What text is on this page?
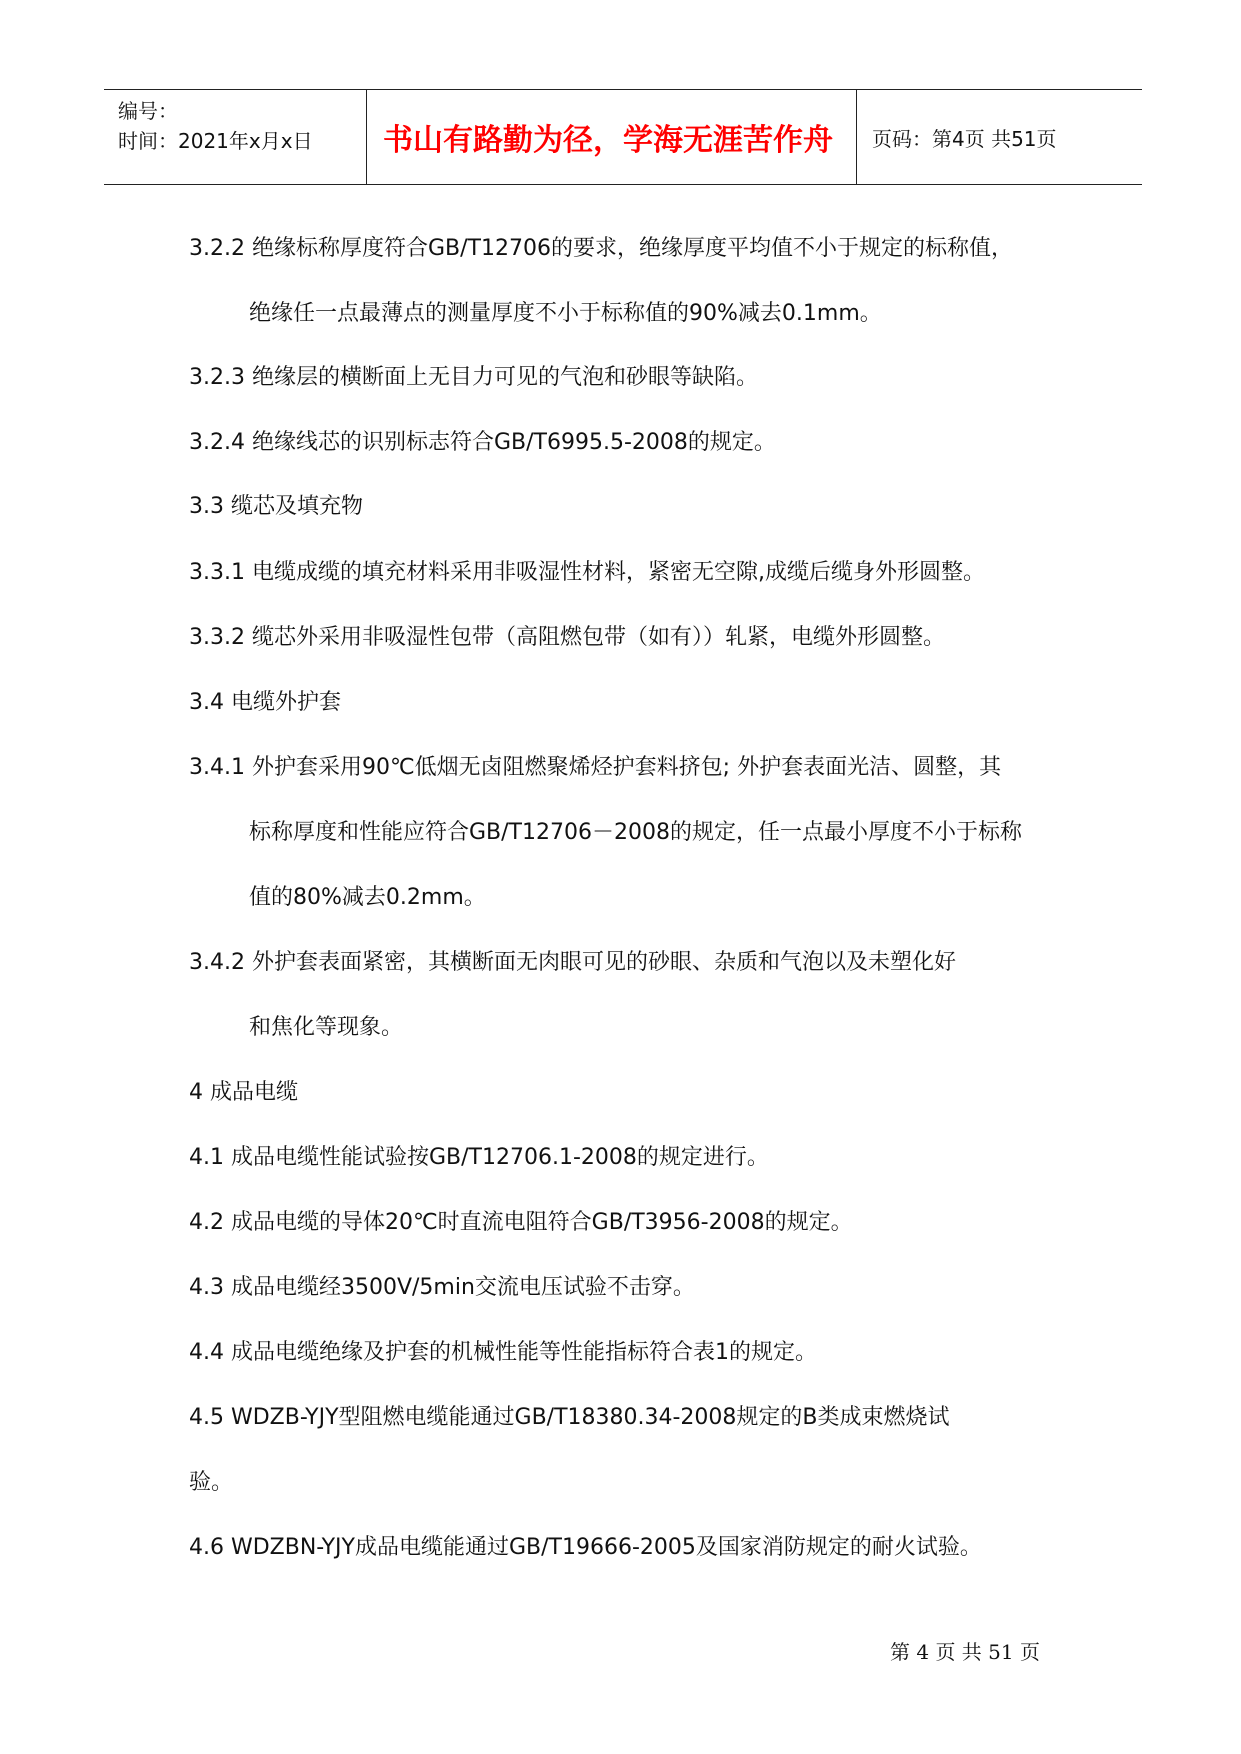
编号：
时间：2021年x月x日	书山有路勤为径，学海无涯苦作舟	页码：第4页 共51页
3.2.2 绝缘标称厚度符合GB/T12706的要求，绝缘厚度平均值不小于规定的标称值，
绝缘任一点最薄点的测量厚度不小于标称值的90%减去0.1mm。
3.2.3 绝缘层的横断面上无目力可见的气泡和砂眼等缺陷。
3.2.4 绝缘线芯的识别标志符合GB/T6995.5-2008的规定。
3.3 缆芯及填充物
3.3.1 电缆成缆的填充材料采用非吸湿性材料，紧密无空隙,成缆后缆身外形圆整。
3.3.2 缆芯外采用非吸湿性包带（高阻燃包带（如有））轧紧，电缆外形圆整。
3.4 电缆外护套
3.4.1 外护套采用90℃低烟无卤阻燃聚烯烃护套料挤包; 外护套表面光洁、圆整，其
标称厚度和性能应符合GB/T12706－2008的规定，任一点最小厚度不小于标称
值的80%减去0.2mm。
3.4.2 外护套表面紧密，其横断面无肉眼可见的砂眼、杂质和气泡以及未塑化好
和焦化等现象。
4 成品电缆
4.1 成品电缆性能试验按GB/T12706.1-2008的规定进行。
4.2 成品电缆的导体20℃时直流电阻符合GB/T3956-2008的规定。
4.3 成品电缆经3500V/5min交流电压试验不击穿。
4.4 成品电缆绝缘及护套的机械性能等性能指标符合表1的规定。
4.5 WDZB-YJY型阻燃电缆能通过GB/T18380.34-2008规定的B类成束燃烧试
验。
4.6 WDZBN-YJY成品电缆能通过GB/T19666-2005及国家消防规定的耐火试验。
第 4 页 共 51 页
